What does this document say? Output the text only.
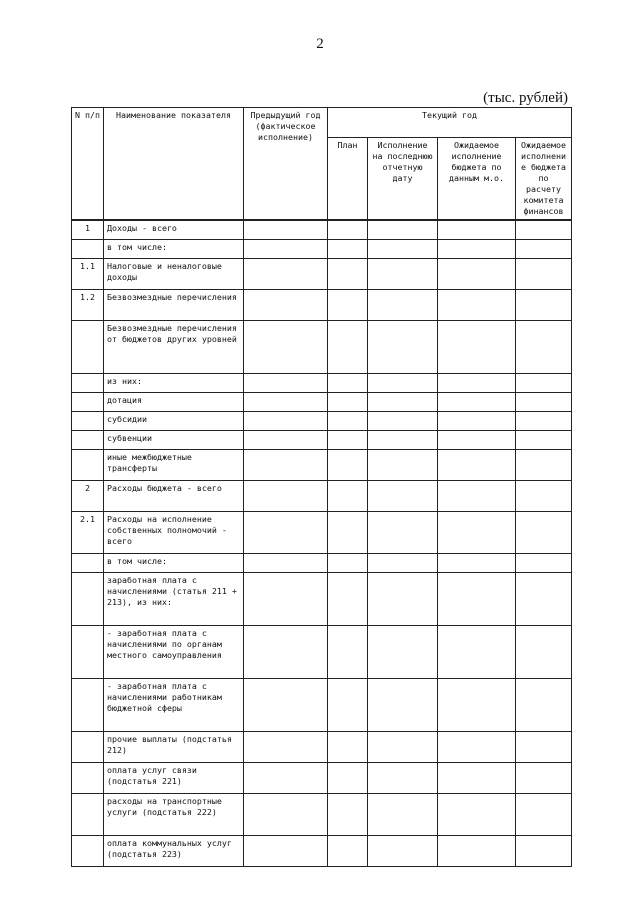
2
(тыс. рублей)
N п/п	Наименование показателя	Предыдущий год (фактическое исполнение)	Текущий год			
			План	Исполнение на последнюю отчетную дату	Ожидаемое исполнение бюджета по данным м.о.	Ожидаемое исполнение бюджета по расчету комитета финансов
1	Доходы - всего					
	в том числе:					
1.1	Налоговые и неналоговые доходы					
1.2	Безвозмездные перечисления					
	Безвозмездные перечисления от бюджетов других уровней					
	из них:					
	дотация					
	субсидии					
	субвенции					
	иные межбюджетные трансферты					
2	Расходы бюджета - всего					
2.1	Расходы на исполнение собственных полномочий - всего					
	в том числе:					
	заработная плата с начислениями (статья 211 + 213), из них:					
	- заработная плата с начислениями по органам местного самоуправления					
	- заработная плата с начислениями работникам бюджетной сферы					
	прочие выплаты (подстатья 212)					
	оплата услуг связи (подстатья 221)					
	расходы на транспортные услуги (подстатья 222)					
	оплата коммунальных услуг (подстатья 223)					
